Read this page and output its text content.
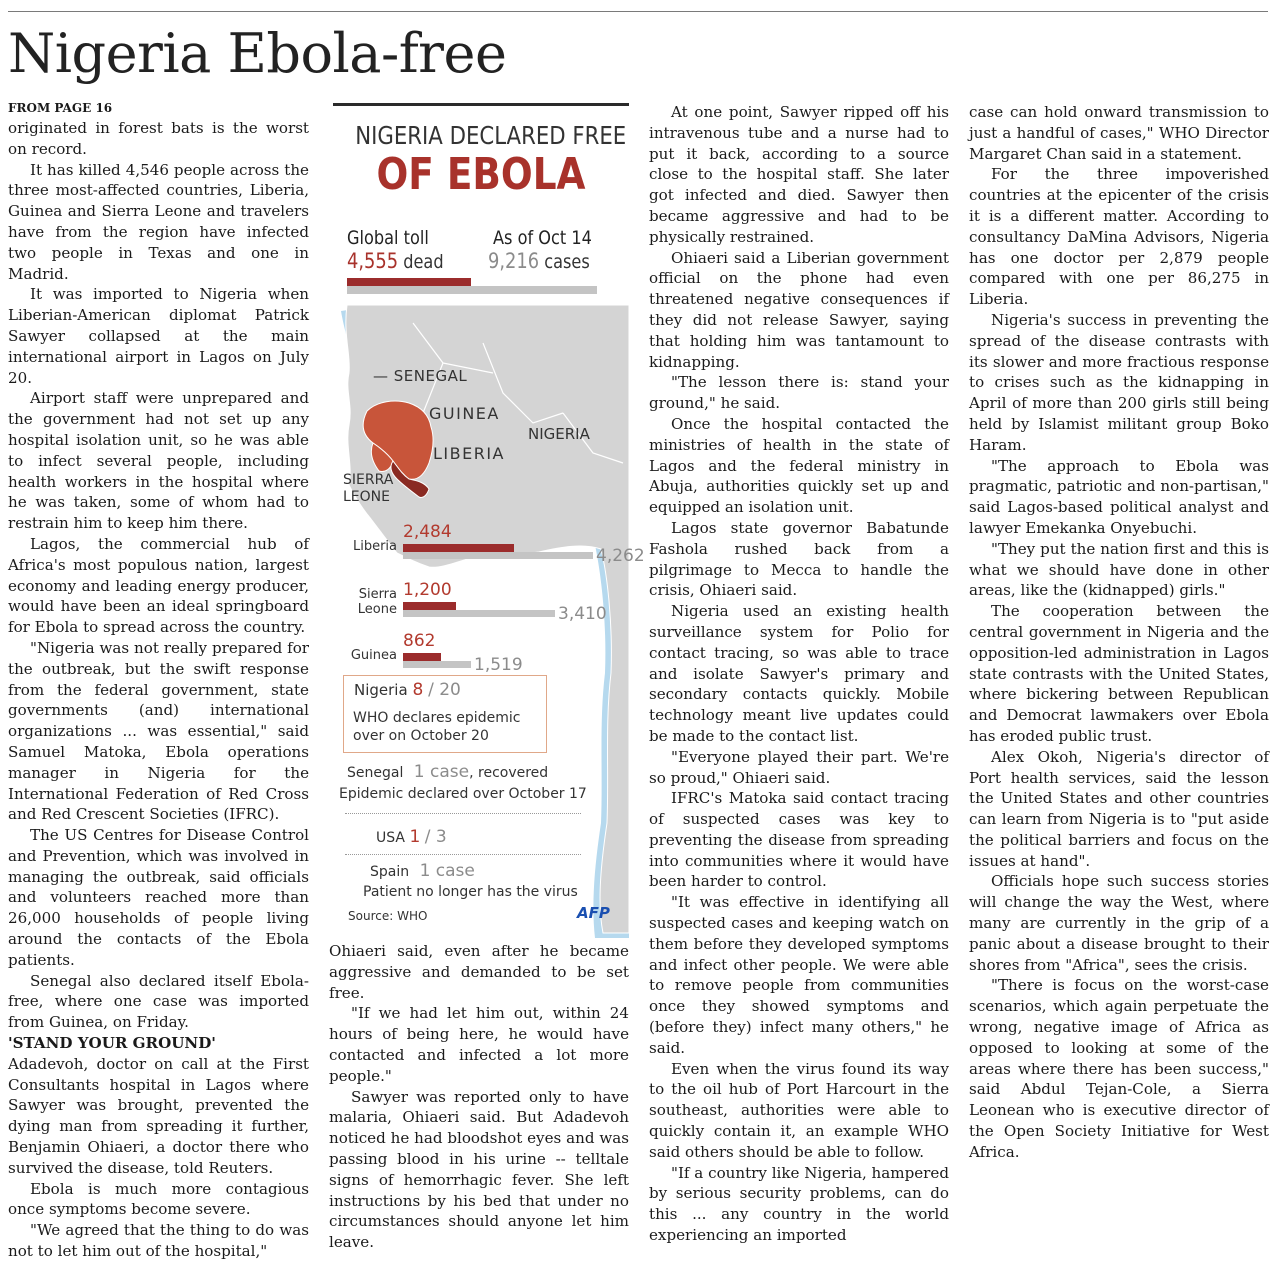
Nigeria Ebola-free

FROM PAGE 16

originated in forest bats is the worst on record.

It has killed 4,546 people across the three most-affected countries, Liberia, Guinea and Sierra Leone and travelers have from the region have infected two people in Texas and one in Madrid.

It was imported to Nigeria when Liberian-American diplomat Patrick Sawyer collapsed at the main international airport in Lagos on July 20.

Airport staff were unprepared and the government had not set up any hospital isolation unit, so he was able to infect several people, including health workers in the hospital where he was taken, some of whom had to restrain him to keep him there.

Lagos, the commercial hub of Africa's most populous nation, largest economy and leading energy producer, would have been an ideal springboard for Ebola to spread across the country.

"Nigeria was not really prepared for the outbreak, but the swift response from the federal government, state governments (and) international organizations ... was essential," said Samuel Matoka, Ebola operations manager in Nigeria for the International Federation of Red Cross and Red Crescent Societies (IFRC).

The US Centres for Disease Control and Prevention, which was involved in managing the outbreak, said officials and volunteers reached more than 26,000 households of people living around the contacts of the Ebola patients.

Senegal also declared itself Ebola-free, where one case was imported from Guinea, on Friday.

'STAND YOUR GROUND'

Adadevoh, doctor on call at the First Consultants hospital in Lagos where Sawyer was brought, prevented the dying man from spreading it further, Benjamin Ohiaeri, a doctor there who survived the disease, told Reuters.

Ebola is much more contagious once symptoms become severe.

"We agreed that the thing to do was not to let him out of the hospital,"

NIGERIA DECLARED FREE
OF EBOLA
Global toll
4,555 dead
As of Oct 14
9,216 cases
— SENEGAL
GUINEA
LIBERIA
NIGERIA
SIERRA
LEONE
Liberia
2,484
4,262
Sierra
Leone
1,200
3,410
Guinea
862
1,519
Nigeria 8 / 20
WHO declares epidemic
over on October 20
Senegal 1 case, recovered
Epidemic declared over October 17
USA 1 / 3
Spain 1 case
Patient no longer has the virus
Source: WHO	AFP

Ohiaeri said, even after he became aggressive and demanded to be set free.

"If we had let him out, within 24 hours of being here, he would have contacted and infected a lot more people."

Sawyer was reported only to have malaria, Ohiaeri said. But Adadevoh noticed he had bloodshot eyes and was passing blood in his urine -- telltale signs of hemorrhagic fever. She left instructions by his bed that under no circumstances should anyone let him leave.

At one point, Sawyer ripped off his intravenous tube and a nurse had to put it back, according to a source close to the hospital staff. She later got infected and died. Sawyer then became aggressive and had to be physically restrained.

Ohiaeri said a Liberian government official on the phone had even threatened negative consequences if they did not release Sawyer, saying that holding him was tantamount to kidnapping.

"The lesson there is: stand your ground," he said.

Once the hospital contacted the ministries of health in the state of Lagos and the federal ministry in Abuja, authorities quickly set up and equipped an isolation unit.

Lagos state governor Babatunde Fashola rushed back from a pilgrimage to Mecca to handle the crisis, Ohiaeri said.

Nigeria used an existing health surveillance system for Polio for contact tracing, so was able to trace and isolate Sawyer's primary and secondary contacts quickly. Mobile technology meant live updates could be made to the contact list.

"Everyone played their part. We're so proud," Ohiaeri said.

IFRC's Matoka said contact tracing of suspected cases was key to preventing the disease from spreading into communities where it would have been harder to control.

"It was effective in identifying all suspected cases and keeping watch on them before they developed symptoms and infect other people. We were able to remove people from communities once they showed symptoms and (before they) infect many others," he said.

Even when the virus found its way to the oil hub of Port Harcourt in the southeast, authorities were able to quickly contain it, an example WHO said others should be able to follow.

"If a country like Nigeria, hampered by serious security problems, can do this ... any country in the world experiencing an imported

case can hold onward transmission to just a handful of cases," WHO Director Margaret Chan said in a statement.

For the three impoverished countries at the epicenter of the crisis it is a different matter. According to consultancy DaMina Advisors, Nigeria has one doctor per 2,879 people compared with one per 86,275 in Liberia.

Nigeria's success in preventing the spread of the disease contrasts with its slower and more fractious response to crises such as the kidnapping in April of more than 200 girls still being held by Islamist militant group Boko Haram.

"The approach to Ebola was pragmatic, patriotic and non-partisan," said Lagos-based political analyst and lawyer Emekanka Onyebuchi.

"They put the nation first and this is what we should have done in other areas, like the (kidnapped) girls."

The cooperation between the central government in Nigeria and the opposition-led administration in Lagos state contrasts with the United States, where bickering between Republican and Democrat lawmakers over Ebola has eroded public trust.

Alex Okoh, Nigeria's director of Port health services, said the lesson the United States and other countries can learn from Nigeria is to "put aside the political barriers and focus on the issues at hand".

Officials hope such success stories will change the way the West, where many are currently in the grip of a panic about a disease brought to their shores from "Africa", sees the crisis.

"There is focus on the worst-case scenarios, which again perpetuate the wrong, negative image of Africa as opposed to looking at some of the areas where there has been success," said Abdul Tejan-Cole, a Sierra Leonean who is executive director of the Open Society Initiative for West Africa.
